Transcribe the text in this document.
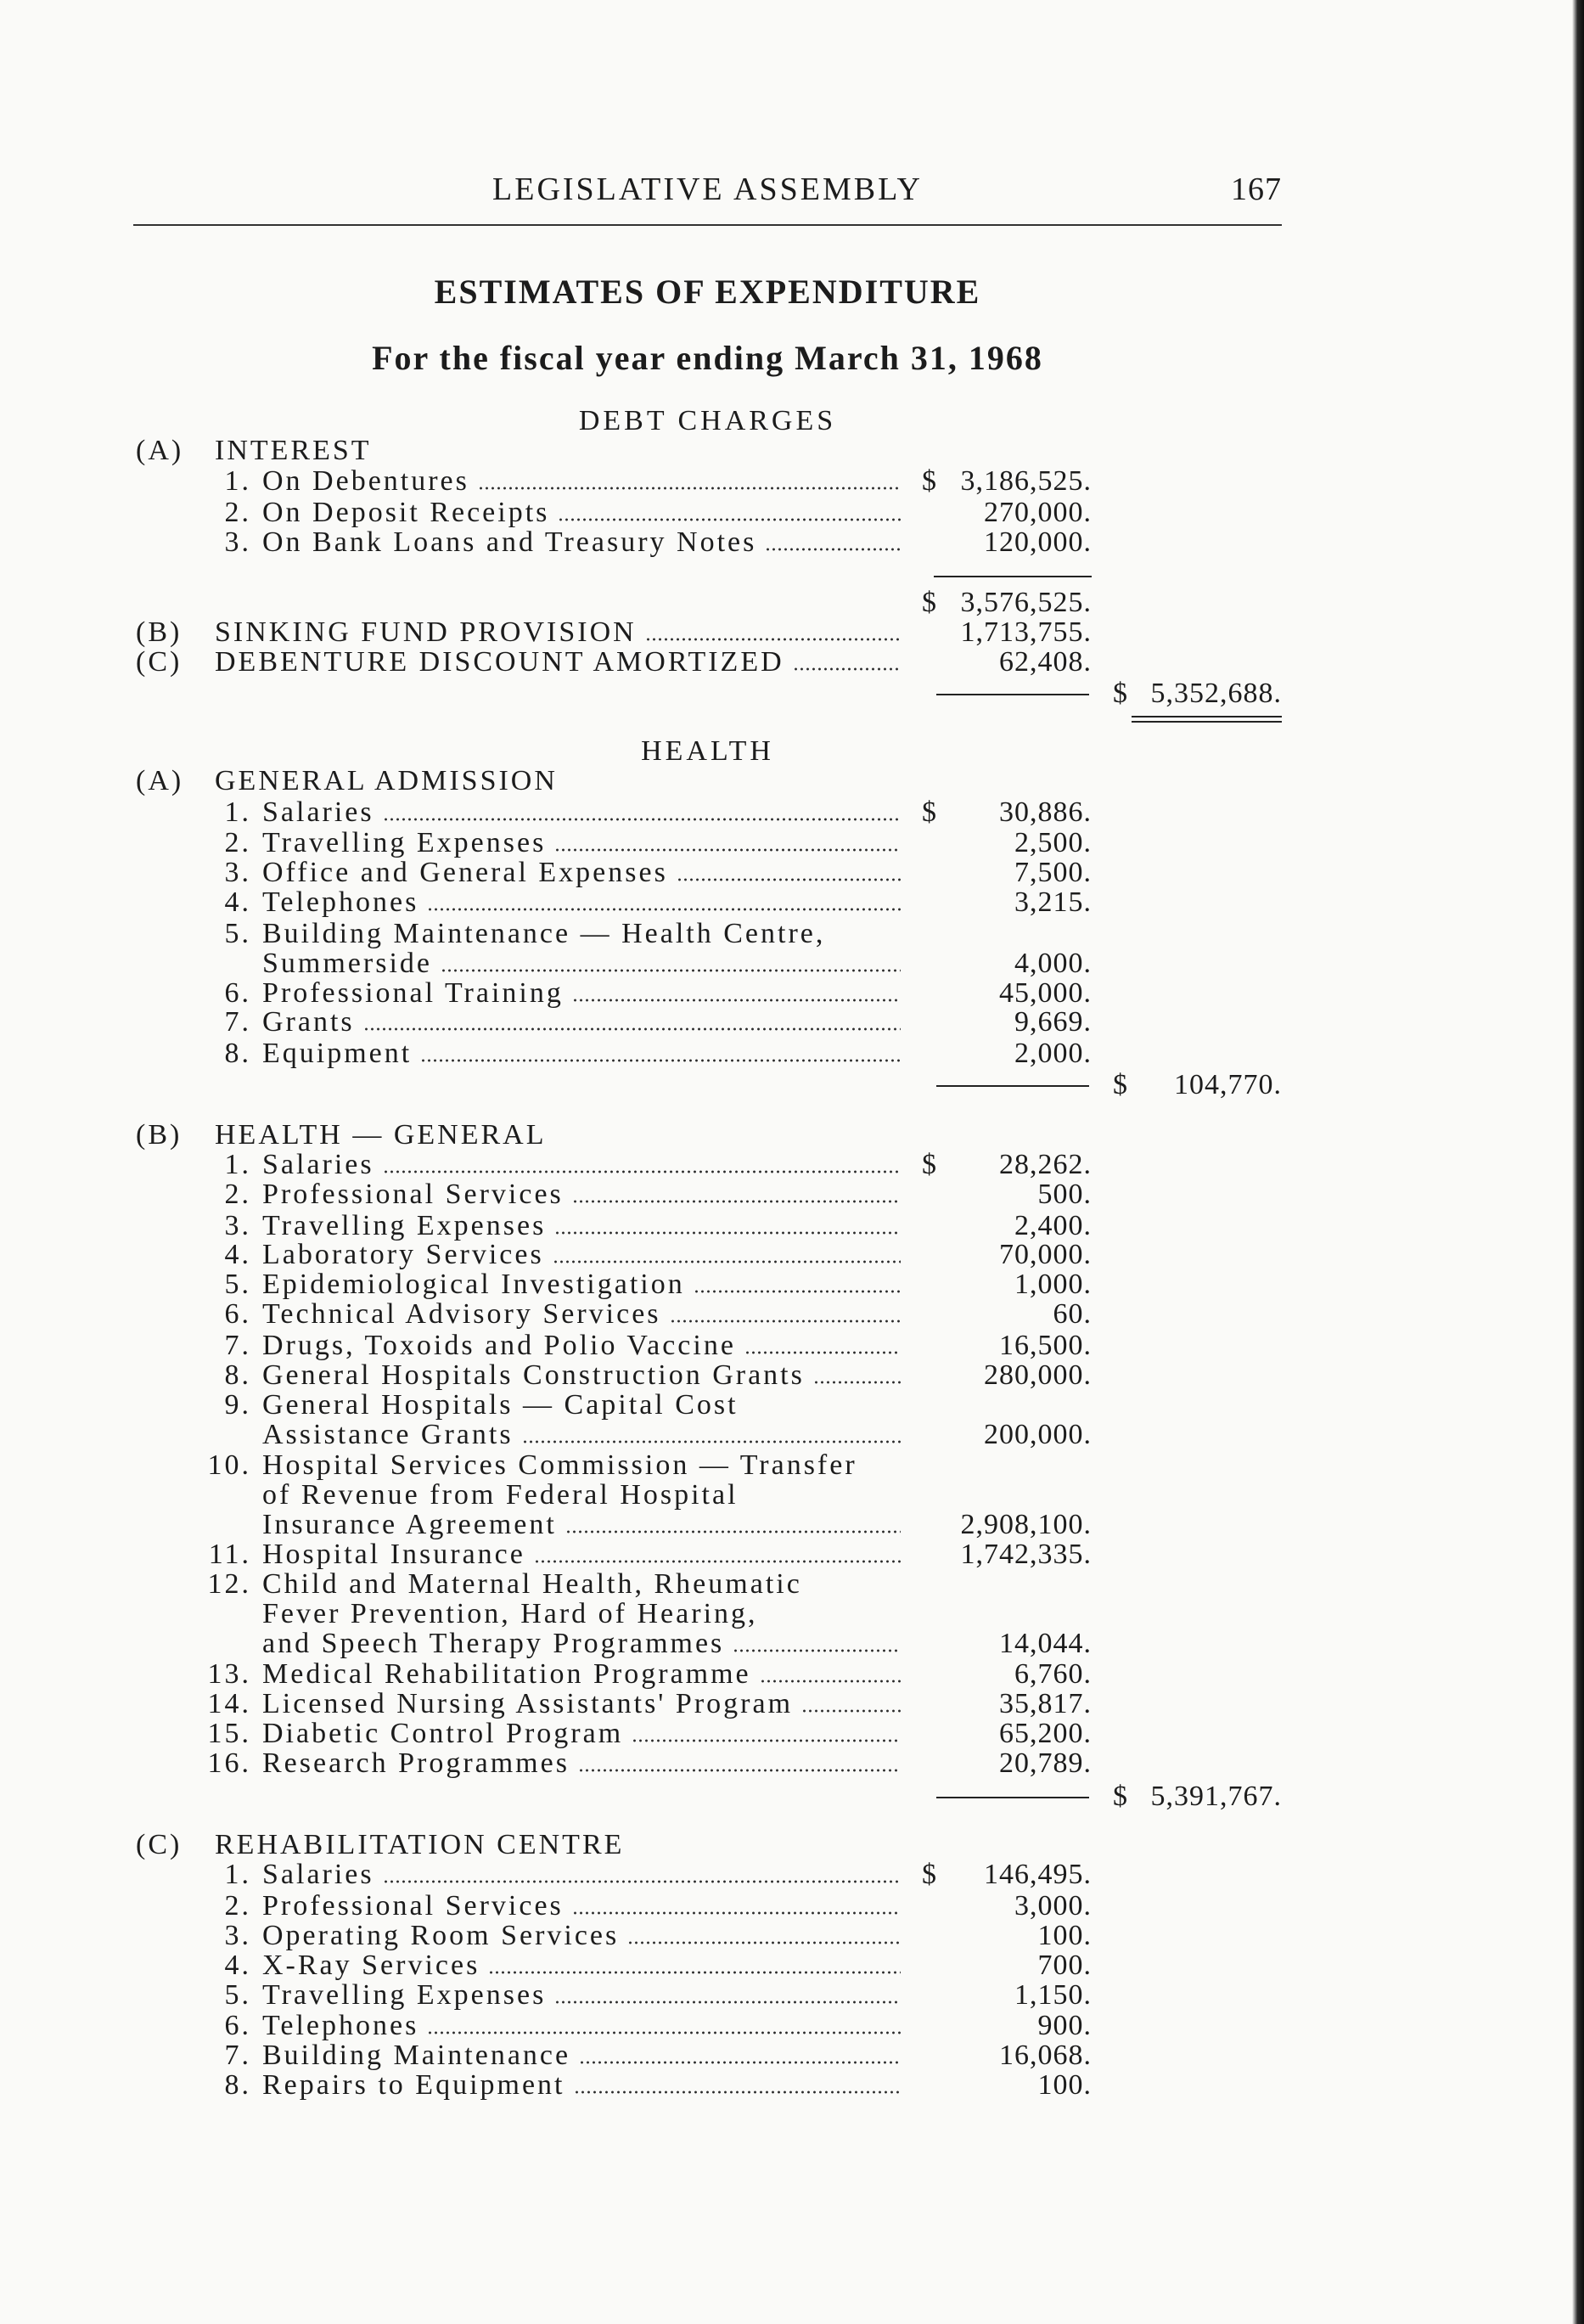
LEGISLATIVE ASSEMBLY	167
ESTIMATES OF EXPENDITURE
For the fiscal year ending March 31, 1968
DEBT CHARGES
(A) INTEREST
1. On Debentures	$ 3,186,525.
2. On Deposit Receipts	270,000.
3. On Bank Loans and Treasury Notes	120,000.
$ 3,576,525.
(B) SINKING FUND PROVISION	1,713,755.
(C) DEBENTURE DISCOUNT AMORTIZED	62,408.
$ 5,352,688.
HEALTH
(A) GENERAL ADMISSION
1. Salaries	$	30,886.
2. Travelling Expenses	2,500.
3. Office and General Expenses	7,500.
4. Telephones	3,215.
5. Building Maintenance — Health Centre,
Summerside	4,000.
6. Professional Training	45,000.
7. Grants	9,669.
8. Equipment	2,000.
$	104,770.
(B) HEALTH — GENERAL
1. Salaries	$	28,262.
2. Professional Services	500.
3. Travelling Expenses	2,400.
4. Laboratory Services	70,000.
5. Epidemiological Investigation	1,000.
6. Technical Advisory Services	60.
7. Drugs, Toxoids and Polio Vaccine	16,500.
8. General Hospitals Construction Grants	280,000.
9. General Hospitals — Capital Cost
Assistance Grants	200,000.
10. Hospital Services Commission — Transfer
of Revenue from Federal Hospital
Insurance Agreement	2,908,100.
11. Hospital Insurance	1,742,335.
12. Child and Maternal Health, Rheumatic
Fever Prevention, Hard of Hearing,
and Speech Therapy Programmes	14,044.
13. Medical Rehabilitation Programme	6,760.
14. Licensed Nursing Assistants' Program	35,817.
15. Diabetic Control Program	65,200.
16. Research Programmes	20,789.
$ 5,391,767.
(C) REHABILITATION CENTRE
1. Salaries	$	146,495.
2. Professional Services	3,000.
3. Operating Room Services	100.
4. X-Ray Services	700.
5. Travelling Expenses	1,150.
6. Telephones	900.
7. Building Maintenance	16,068.
8. Repairs to Equipment	100.
